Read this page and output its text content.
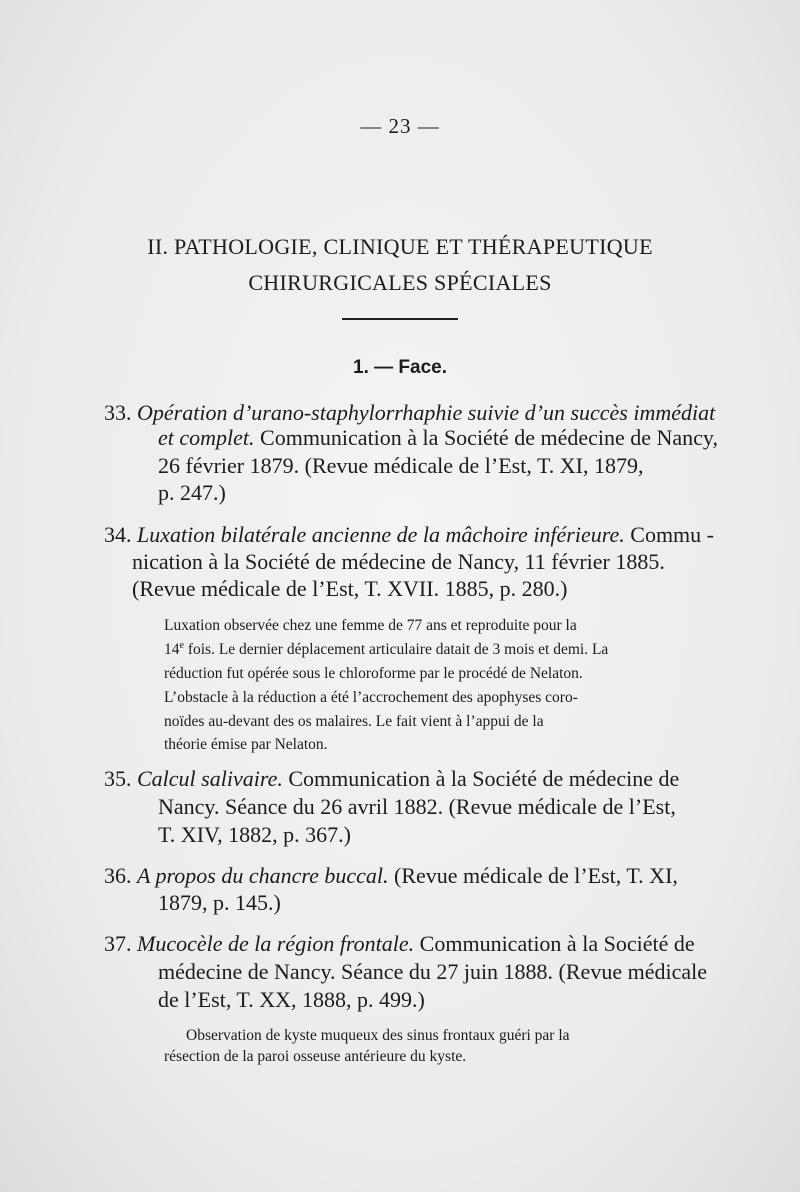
— 23 —
II. PATHOLOGIE, CLINIQUE ET THÉRAPEUTIQUE
CHIRURGICALES SPÉCIALES
1. — Face.
33. Opération d’urano-staphylorrhaphie suivie d’un succès immédiat
et complet. Communication à la Société de médecine de Nancy,
26 février 1879. (Revue médicale de l’Est, T. XI, 1879,
p. 247.)
34. Luxation bilatérale ancienne de la mâchoire inférieure. Commu -
nication à la Société de médecine de Nancy, 11 février 1885.
(Revue médicale de l’Est, T. XVII. 1885, p. 280.)
Luxation observée chez une femme de 77 ans et reproduite pour la
14e fois. Le dernier déplacement articulaire datait de 3 mois et demi. La
réduction fut opérée sous le chloroforme par le procédé de Nelaton.
L’obstacle à la réduction a été l’accrochement des apophyses coro-
noïdes au-devant des os malaires. Le fait vient à l’appui de la
théorie émise par Nelaton.
35. Calcul salivaire. Communication à la Société de médecine de
Nancy. Séance du 26 avril 1882. (Revue médicale de l’Est,
T. XIV, 1882, p. 367.)
36. A propos du chancre buccal. (Revue médicale de l’Est, T. XI,
1879, p. 145.)
37. Mucocèle de la région frontale. Communication à la Société de
médecine de Nancy. Séance du 27 juin 1888. (Revue médicale
de l’Est, T. XX, 1888, p. 499.)
Observation de kyste muqueux des sinus frontaux guéri par la
résection de la paroi osseuse antérieure du kyste.
